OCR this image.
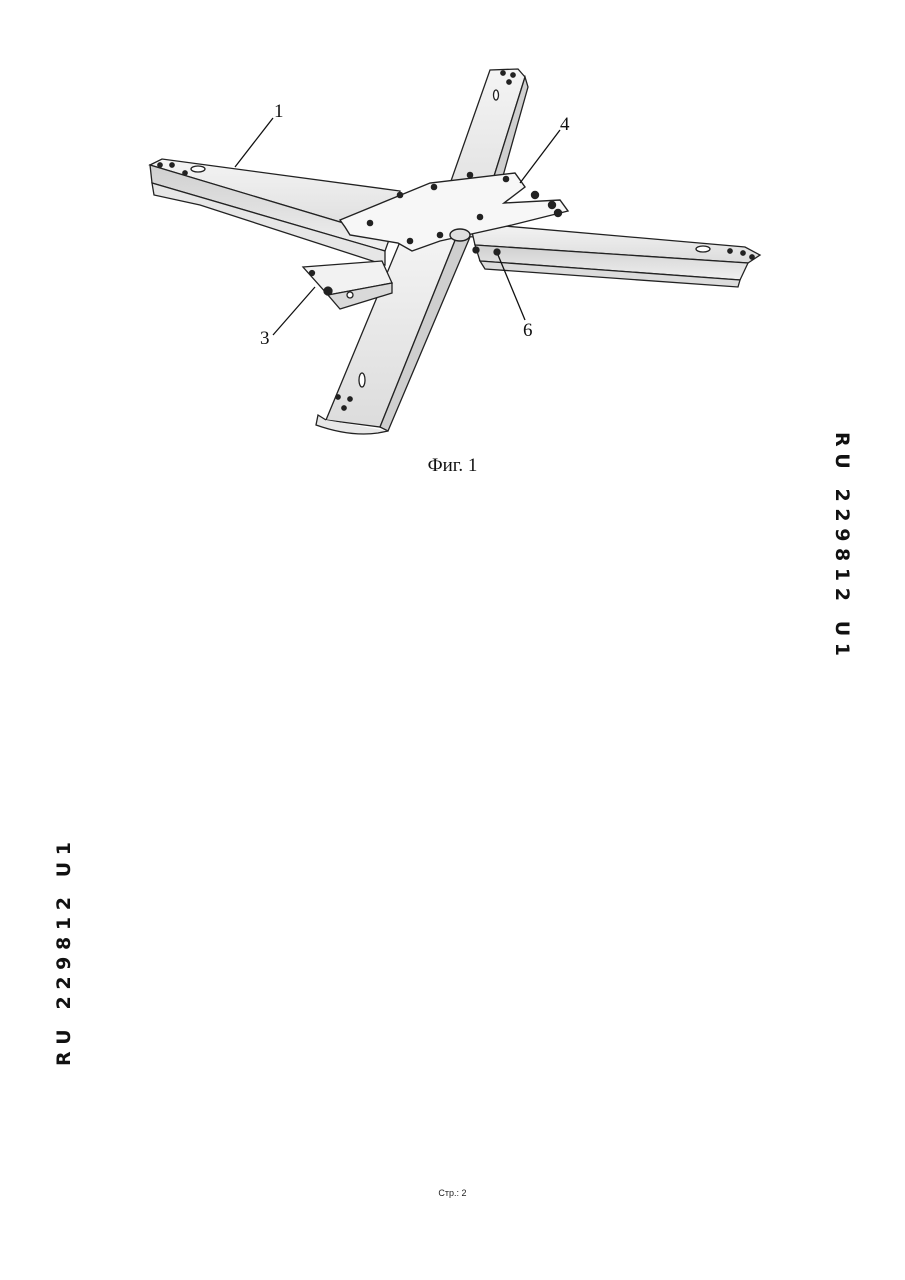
1
4
3	6
Фиг. 1	R U   2 2 9 8 1 2   U 1
R U   2 2 9 8 1 2   U 1
Стр.: 2
